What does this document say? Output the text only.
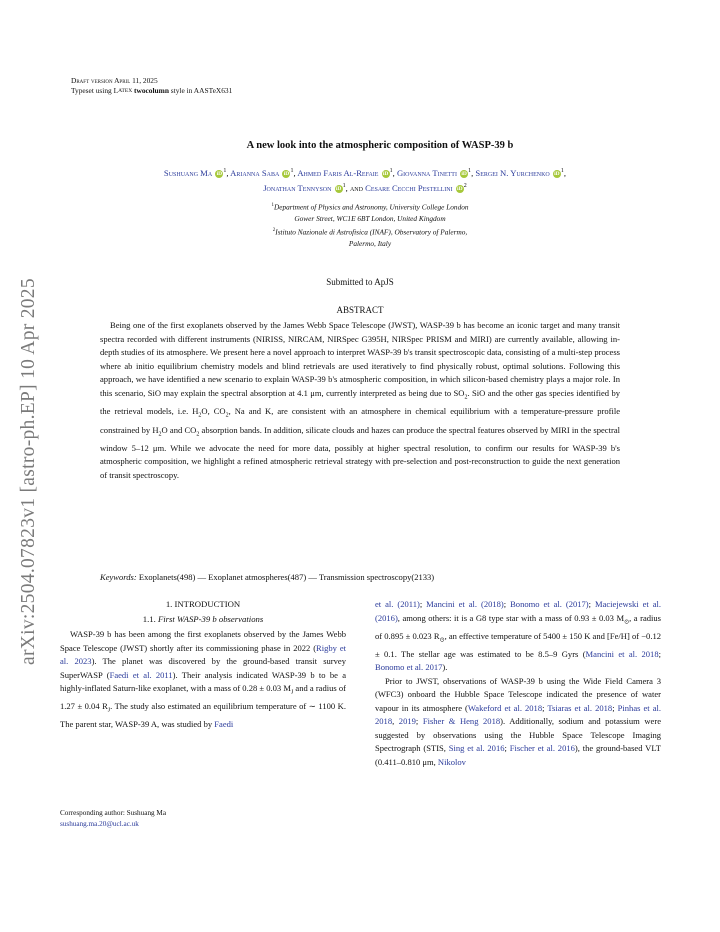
arXiv:2504.07823v1 [astro-ph.EP] 10 Apr 2025
Draft version April 11, 2025
Typeset using LATEX twocolumn style in AASTeX631
A new look into the atmospheric composition of WASP-39 b
Sushuang Ma $iD^1$, Arianna Saba $iD^1$, Ahmed Faris Al-Refaie $iD^1$, Giovanna Tinetti $iD^1$, Sergei N. Yurchenko $iD^1$,
Jonathan Tennyson $iD^1$, and Cesare Cecchi Pestellini $iD^2$
$^1$Department of Physics and Astronomy, University College London
Gower Street, WC1E 6BT London, United Kingdom
$^2$Istituto Nazionale di Astrofisica (INAF), Observatory of Palermo,
Palermo, Italy
Submitted to ApJS
ABSTRACT
Being one of the first exoplanets observed by the James Webb Space Telescope (JWST), WASP-39 b has become an iconic target and many transit spectra recorded with different instruments (NIRISS, NIRCAM, NIRSpec G395H, NIRSpec PRISM and MIRI) are currently available, allowing in-depth studies of its atmosphere. We present here a novel approach to interpret WASP-39 b's transit spectroscopic data, consisting of a multi-step process where ab initio equilibrium chemistry models and blind retrievals are used iteratively to find physically robust, optimal solutions. Following this approach, we have identified a new scenario to explain WASP-39 b's atmospheric composition, in which silicon-based chemistry plays a major role. In this scenario, SiO may explain the spectral absorption at 4.1 μm, currently interpreted as being due to $SO_2$. SiO and the other gas species identified by the retrieval models, i.e. $H_2O$, $CO_2$, Na and K, are consistent with an atmosphere in chemical equilibrium with a temperature-pressure profile constrained by $H_2O$ and $CO_2$ absorption bands. In addition, silicate clouds and hazes can produce the spectral features observed by MIRI in the spectral window 5–12 μm. While we advocate the need for more data, possibly at higher spectral resolution, to confirm our results for WASP-39 b's atmospheric composition, we highlight a refined atmospheric retrieval strategy with pre-selection and post-reconstruction to guide the next generation of transit spectroscopy.
Keywords: Exoplanets(498) — Exoplanet atmospheres(487) — Transmission spectroscopy(2133)
1. INTRODUCTION
1.1. First WASP-39 b observations

WASP-39 b has been among the first exoplanets observed by the James Webb Space Telescope (JWST) shortly after its commissioning phase in 2022 (Rigby et al. 2023). The planet was discovered by the ground-based transit survey SuperWASP (Faedi et al. 2011). Their analysis indicated WASP-39 b to be a highly-inflated Saturn-like exoplanet, with a mass of 0.28 ± 0.03 $M_J$ and a radius of 1.27 ± 0.04 $R_J$. The study also estimated an equilibrium temperature of ∼ 1100 K. The parent star, WASP-39 A, was studied by Faedi

et al. (2011); Mancini et al. (2018); Bonomo et al. (2017); Maciejewski et al. (2016), among others: it is a G8 type star with a mass of 0.93 ± 0.03 $M_⊙$, a radius of 0.895 ± 0.023 $R_⊙$, an effective temperature of 5400 ± 150 K and [Fe/H] of −0.12 ± 0.1. The stellar age was estimated to be 8.5–9 Gyrs (Mancini et al. 2018; Bonomo et al. 2017).

Prior to JWST, observations of WASP-39 b using the Wide Field Camera 3 (WFC3) onboard the Hubble Space Telescope indicated the presence of water vapour in its atmosphere (Wakeford et al. 2018; Tsiaras et al. 2018; Pinhas et al. 2018, 2019; Fisher & Heng 2018). Additionally, sodium and potassium were suggested by observations using the Hubble Space Telescope Imaging Spectrograph (STIS, Sing et al. 2016; Fischer et al. 2016), the ground-based VLT (0.411–0.810 μm, Nikolov

Corresponding author: Sushuang Ma
sushuang.ma.20@ucl.ac.uk
